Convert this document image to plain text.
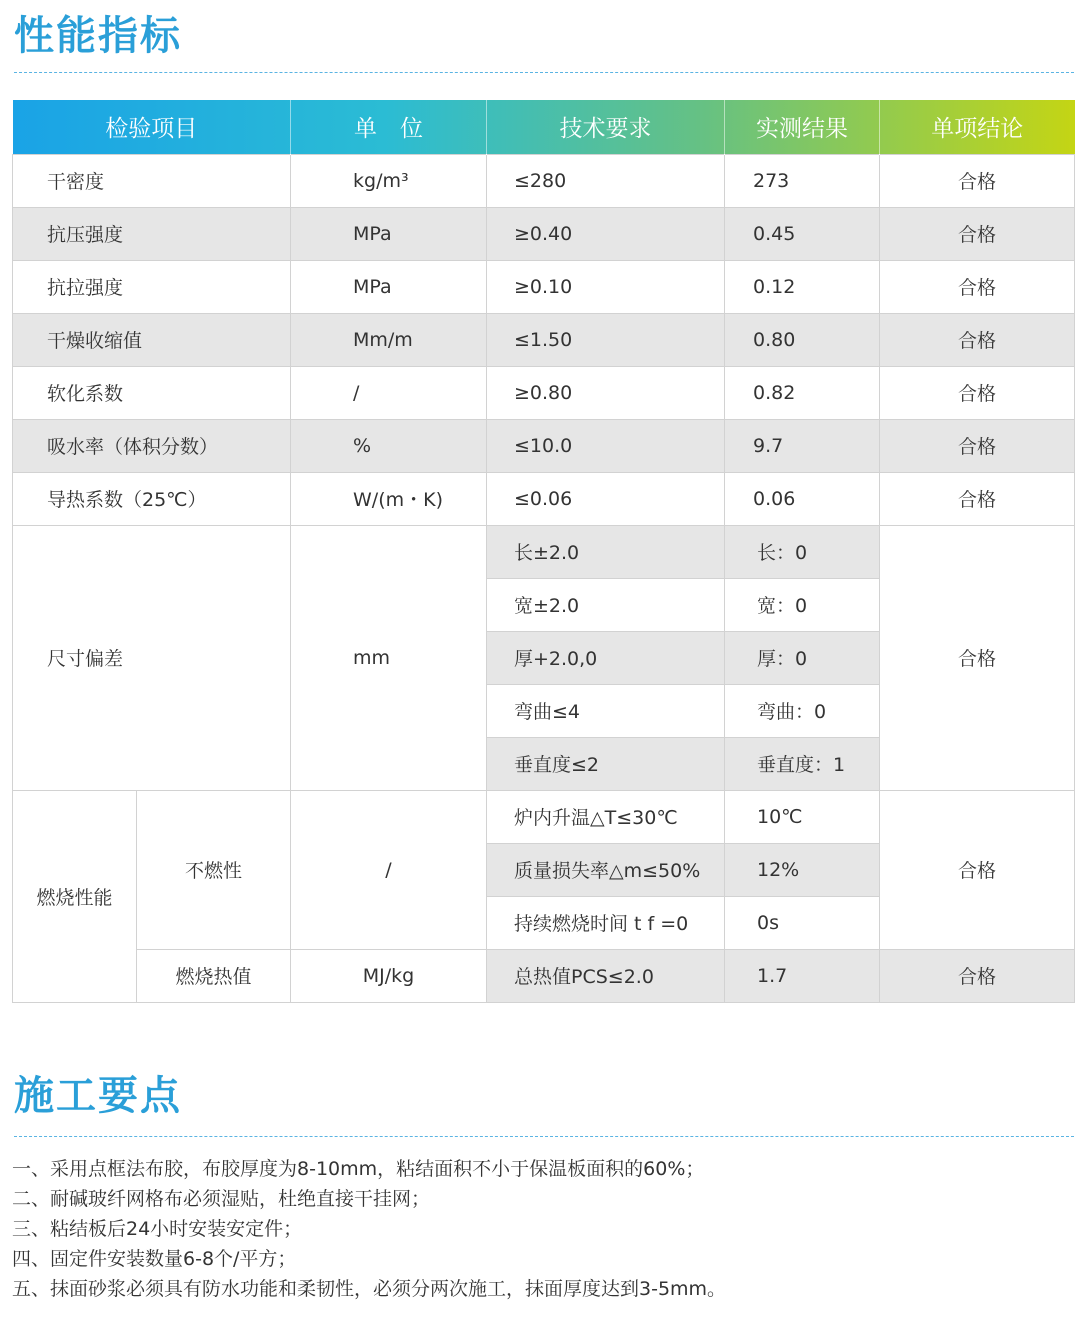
性能指标
检验项目		单　位	技术要求	实测结果	单项结论
干密度		kg/m³	≤280	273	合格
抗压强度		MPa	≥0.40	0.45	合格
抗拉强度		MPa	≥0.10	0.12	合格
干燥收缩值		Mm/m	≤1.50	0.80	合格
软化系数		/	≥0.80	0.82	合格
吸水率（体积分数）		%	≤10.0	9.7	合格
导热系数（25℃）		W/(m・K)	≤0.06	0.06	合格
尺寸偏差		mm	长±2.0	长：0	合格
			宽±2.0	宽：0	
			厚+2.0,0	厚：0	
			弯曲≤4	弯曲：0	
			垂直度≤2	垂直度：1	
燃烧性能	不燃性	/	炉内升温△T≤30℃	10℃	合格
			质量损失率△m≤50%	12%	
			持续燃烧时间 t f =0	0s	
	燃烧热值	MJ/kg	总热值PCS≤2.0	1.7	合格
施工要点
一、采用点框法布胶，布胶厚度为8-10mm，粘结面积不小于保温板面积的60%；
二、耐碱玻纤网格布必须湿贴，杜绝直接干挂网；
三、粘结板后24小时安装安定件；
四、固定件安装数量6-8个/平方；
五、抹面砂浆必须具有防水功能和柔韧性，必须分两次施工，抹面厚度达到3-5mm。
